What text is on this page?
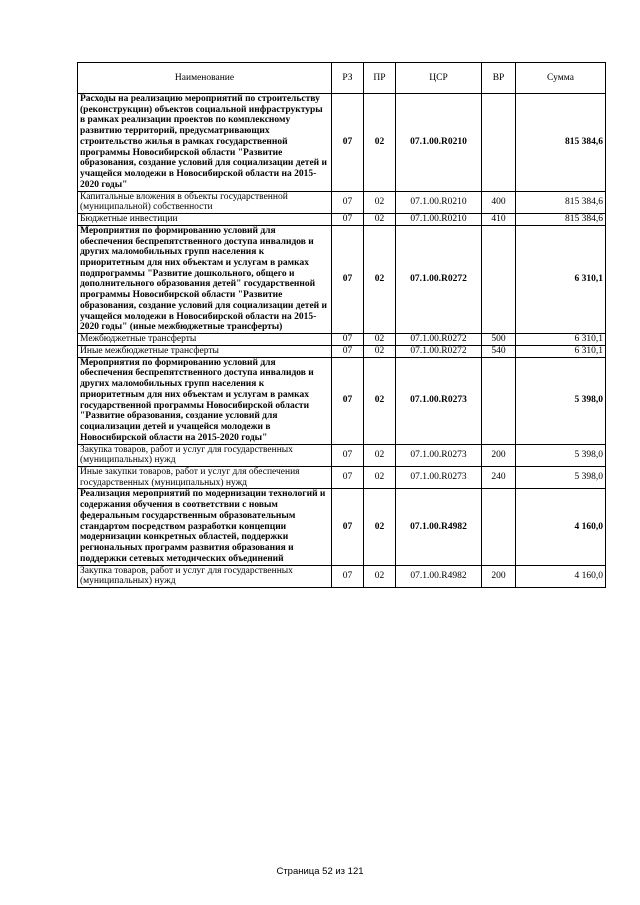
Наименование	РЗ	ПР	ЦСР	ВР	Сумма
Расходы на реализацию мероприятий по строительству (реконструкции) объектов социальной инфраструктуры в рамках реализации проектов по комплексному развитию территорий, предусматривающих строительство жилья в рамках государственной программы Новосибирской области "Развитие образования, создание условий для социализации детей и учащейся молодежи в Новосибирской области на 2015-2020 годы"	07	02	07.1.00.R0210		815 384,6
Капитальные вложения в объекты государственной (муниципальной) собственности	07	02	07.1.00.R0210	400	815 384,6
Бюджетные инвестиции	07	02	07.1.00.R0210	410	815 384,6
Мероприятия по формированию условий для обеспечения беспрепятственного доступа инвалидов и других маломобильных групп населения к приоритетным для них объектам и услугам в рамках подпрограммы "Развитие дошкольного, общего и дополнительного образования детей" государственной программы Новосибирской области "Развитие образования, создание условий для социализации детей и учащейся молодежи в Новосибирской области на 2015-2020 годы" (иные межбюджетные трансферты)	07	02	07.1.00.R0272		6 310,1
Межбюджетные трансферты	07	02	07.1.00.R0272	500	6 310,1
Иные межбюджетные трансферты	07	02	07.1.00.R0272	540	6 310,1
Мероприятия по формированию условий для обеспечения беспрепятственного доступа инвалидов и других маломобильных групп населения к приоритетным для них объектам и услугам в рамках государственной программы Новосибирской области "Развитие образования, создание условий для социализации детей и учащейся молодежи в Новосибирской области на 2015-2020 годы"	07	02	07.1.00.R0273		5 398,0
Закупка товаров, работ и услуг для государственных (муниципальных) нужд	07	02	07.1.00.R0273	200	5 398,0
Иные закупки товаров, работ и услуг для обеспечения государственных (муниципальных) нужд	07	02	07.1.00.R0273	240	5 398,0
Реализация мероприятий по модернизации технологий и содержания обучения в соответствии с новым федеральным государственным образовательным стандартом посредством разработки концепции модернизации конкретных областей, поддержки региональных программ развития образования и поддержки сетевых методических объединений	07	02	07.1.00.R4982		4 160,0
Закупка товаров, работ и услуг для государственных (муниципальных) нужд	07	02	07.1.00.R4982	200	4 160,0
Страница 52 из 121
